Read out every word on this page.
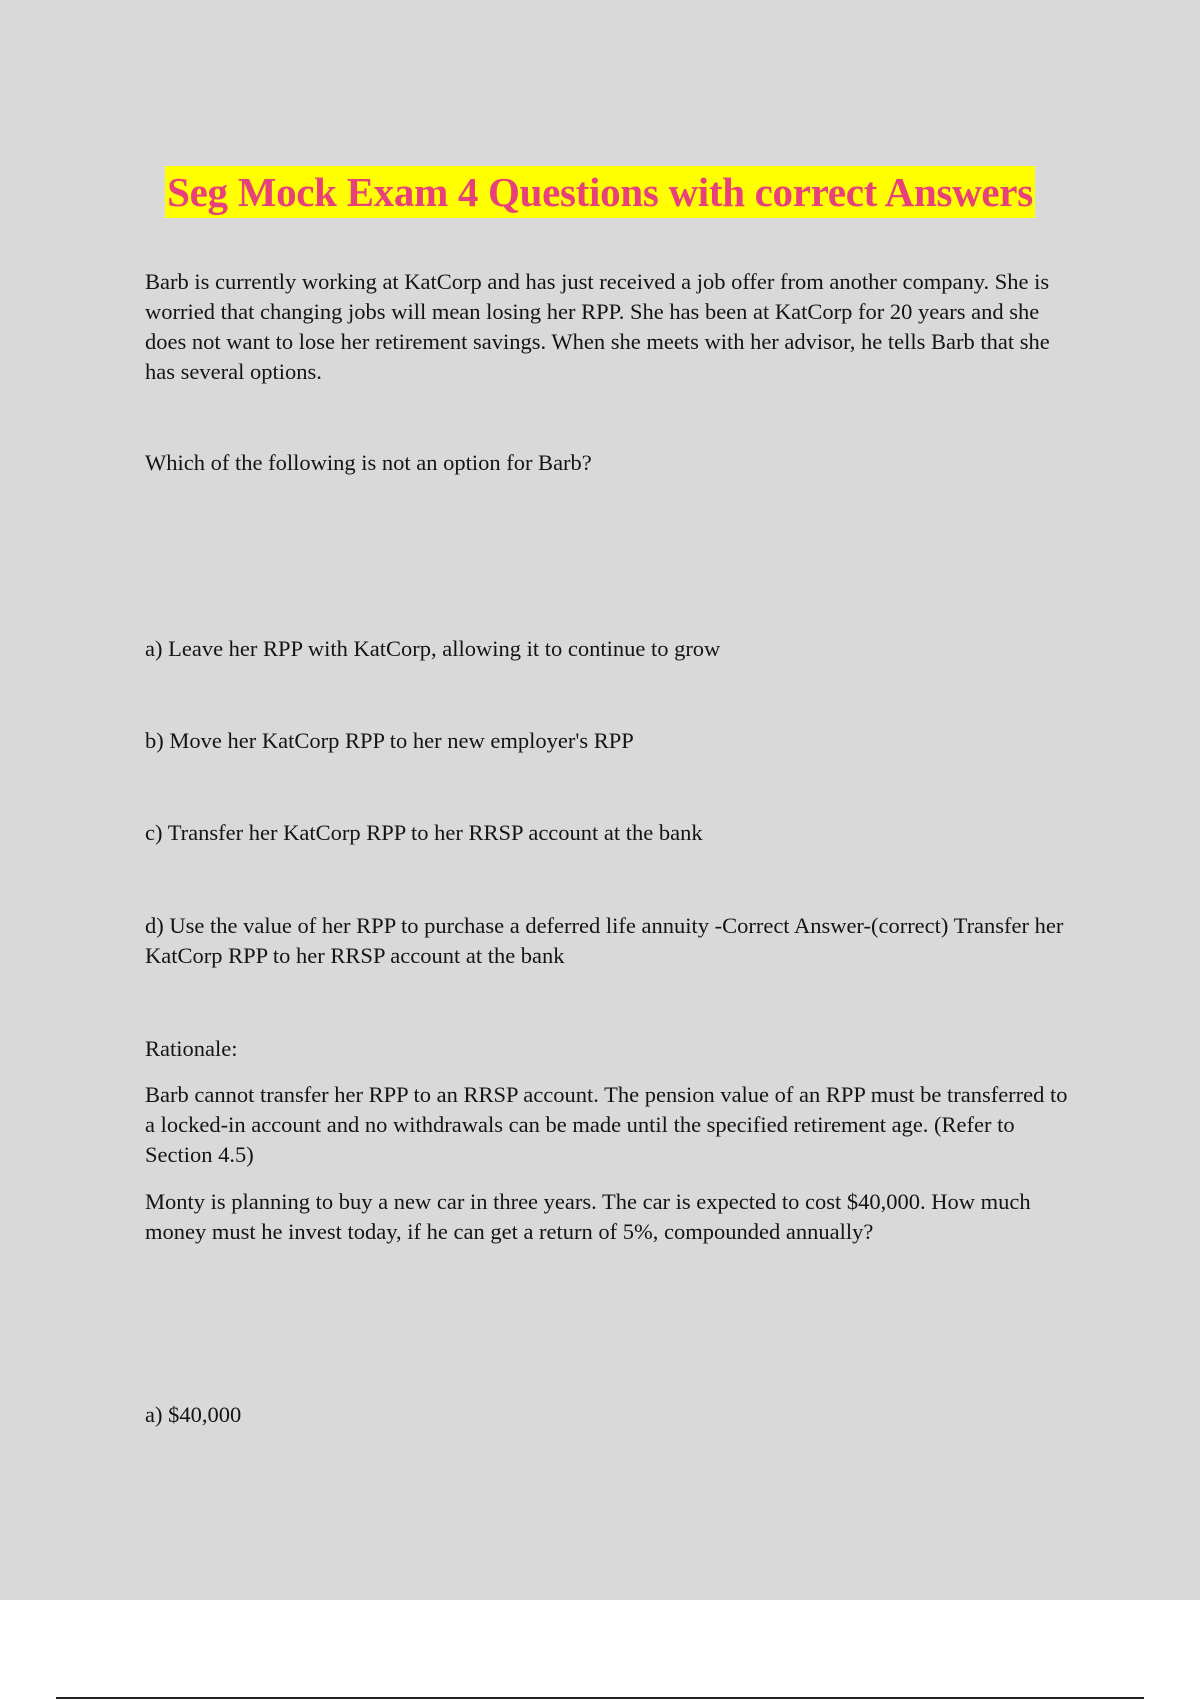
Seg Mock Exam 4 Questions with correct Answers

Barb is currently working at KatCorp and has just received a job offer from another company. She is worried that changing jobs will mean losing her RPP. She has been at KatCorp for 20 years and she does not want to lose her retirement savings. When she meets with her advisor, he tells Barb that she has several options.

Which of the following is not an option for Barb?

a) Leave her RPP with KatCorp, allowing it to continue to grow

b) Move her KatCorp RPP to her new employer's RPP

c) Transfer her KatCorp RPP to her RRSP account at the bank

d) Use the value of her RPP to purchase a deferred life annuity -Correct Answer-(correct) Transfer her KatCorp RPP to her RRSP account at the bank

Rationale:

Barb cannot transfer her RPP to an RRSP account. The pension value of an RPP must be transferred to a locked-in account and no withdrawals can be made until the specified retirement age. (Refer to Section 4.5)

Monty is planning to buy a new car in three years. The car is expected to cost $40,000. How much money must he invest today, if he can get a return of 5%, compounded annually?

a) $40,000
